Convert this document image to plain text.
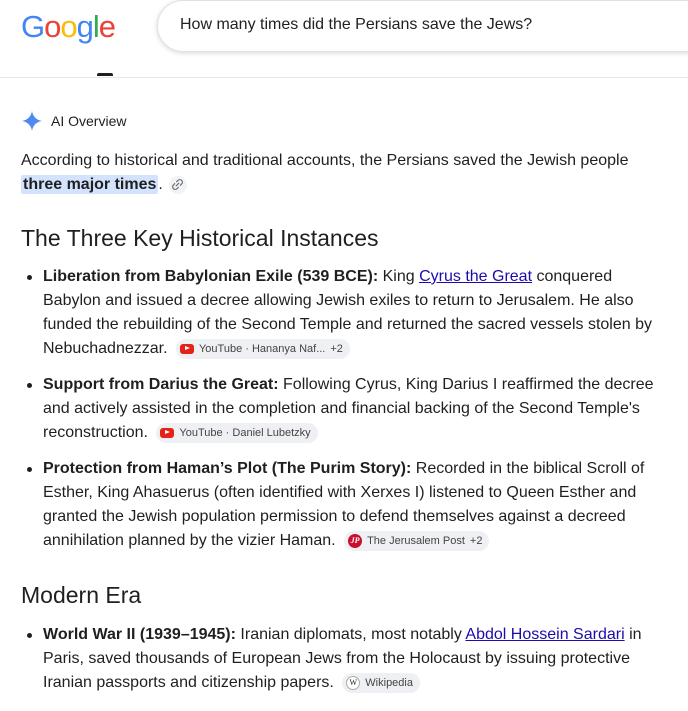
Google
How many times did the Persians save the Jews?
AI Overview
According to historical and traditional accounts, the Persians saved the Jewish people three major times .
The Three Key Historical Instances
Liberation from Babylonian Exile (539 BCE): King Cyrus the Great conquered Babylon and issued a decree allowing Jewish exiles to return to Jerusalem. He also funded the rebuilding of the Second Temple and returned the sacred vessels stolen by Nebuchadnezzar.	YouTube · Hananya Naf... +2
Support from Darius the Great: Following Cyrus, King Darius I reaffirmed the decree and actively assisted in the completion and financial backing of the Second Temple's reconstruction.	YouTube · Daniel Lubetzky
Protection from Haman’s Plot (The Purim Story): Recorded in the biblical Scroll of Esther, King Ahasuerus (often identified with Xerxes I) listened to Queen Esther and granted the Jewish population permission to defend themselves against a decreed annihilation planned by the vizier Haman.	JP The Jerusalem Post +2
Modern Era
World War II (1939–1945): Iranian diplomats, most notably Abdol Hossein Sardari in Paris, saved thousands of European Jews from the Holocaust by issuing protective Iranian passports and citizenship papers.	W Wikipedia
